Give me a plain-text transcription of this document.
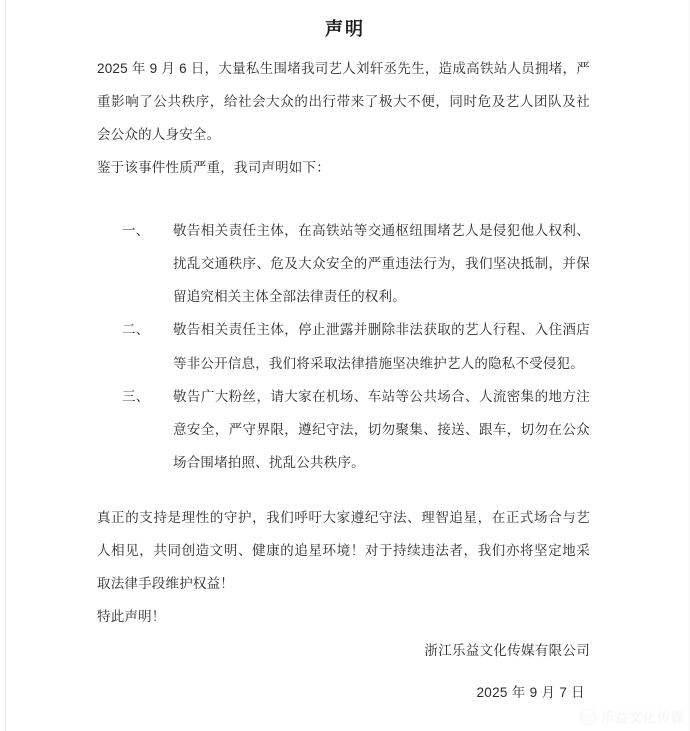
声明

2025 年 9 月 6 日，大量私生围堵我司艺人刘轩丞先生，造成高铁站人员拥堵，严重影响了公共秩序，给社会大众的出行带来了极大不便，同时危及艺人团队及社会公众的人身安全。

鉴于该事件性质严重，我司声明如下：

一、	敬告相关责任主体，在高铁站等交通枢纽围堵艺人是侵犯他人权利、扰乱交通秩序、危及大众安全的严重违法行为，我们坚决抵制，并保留追究相关主体全部法律责任的权利。
二、	敬告相关责任主体，停止泄露并删除非法获取的艺人行程、入住酒店等非公开信息，我们将采取法律措施坚决维护艺人的隐私不受侵犯。
三、	敬告广大粉丝，请大家在机场、车站等公共场合、人流密集的地方注意安全，严守界限，遵纪守法，切勿聚集、接送、跟车，切勿在公众场合围堵拍照、扰乱公共秩序。

真正的支持是理性的守护，我们呼吁大家遵纪守法、理智追星，在正式场合与艺人相见，共同创造文明、健康的追星环境！对于持续违法者，我们亦将坚定地采取法律手段维护权益！

特此声明！

浙江乐益文化传媒有限公司
2025 年 9 月 7 日
乐益文化传媒
